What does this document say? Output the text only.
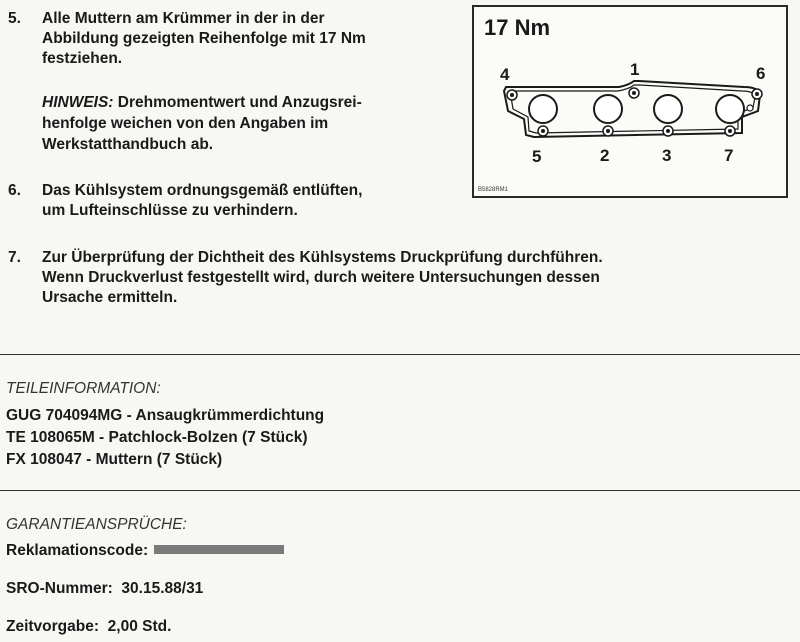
5.	Alle Muttern am Krümmer in der in der
Abbildung gezeigten Reihenfolge mit 17 Nm
festziehen.
HINWEIS: Drehmomentwert und Anzugsrei-
henfolge weichen von den Angaben im
Werkstatthandbuch ab.
17 Nm
4	1	6
5	2	3	7
B5828RM1
6.	Das Kühlsystem ordnungsgemäß entlüften,
um Lufteinschlüsse zu verhindern.
7.	Zur Überprüfung der Dichtheit des Kühlsystems Druckprüfung durchführen.
Wenn Druckverlust festgestellt wird, durch weitere Untersuchungen dessen
Ursache ermitteln.
TEILEINFORMATION:
GUG 704094MG - Ansaugkrümmerdichtung
TE 108065M - Patchlock-Bolzen (7 Stück)
FX 108047 - Muttern (7 Stück)
GARANTIEANSPRÜCHE:
Reklamationscode:
SRO-Nummer: 30.15.88/31
Zeitvorgabe: 2,00 Std.
